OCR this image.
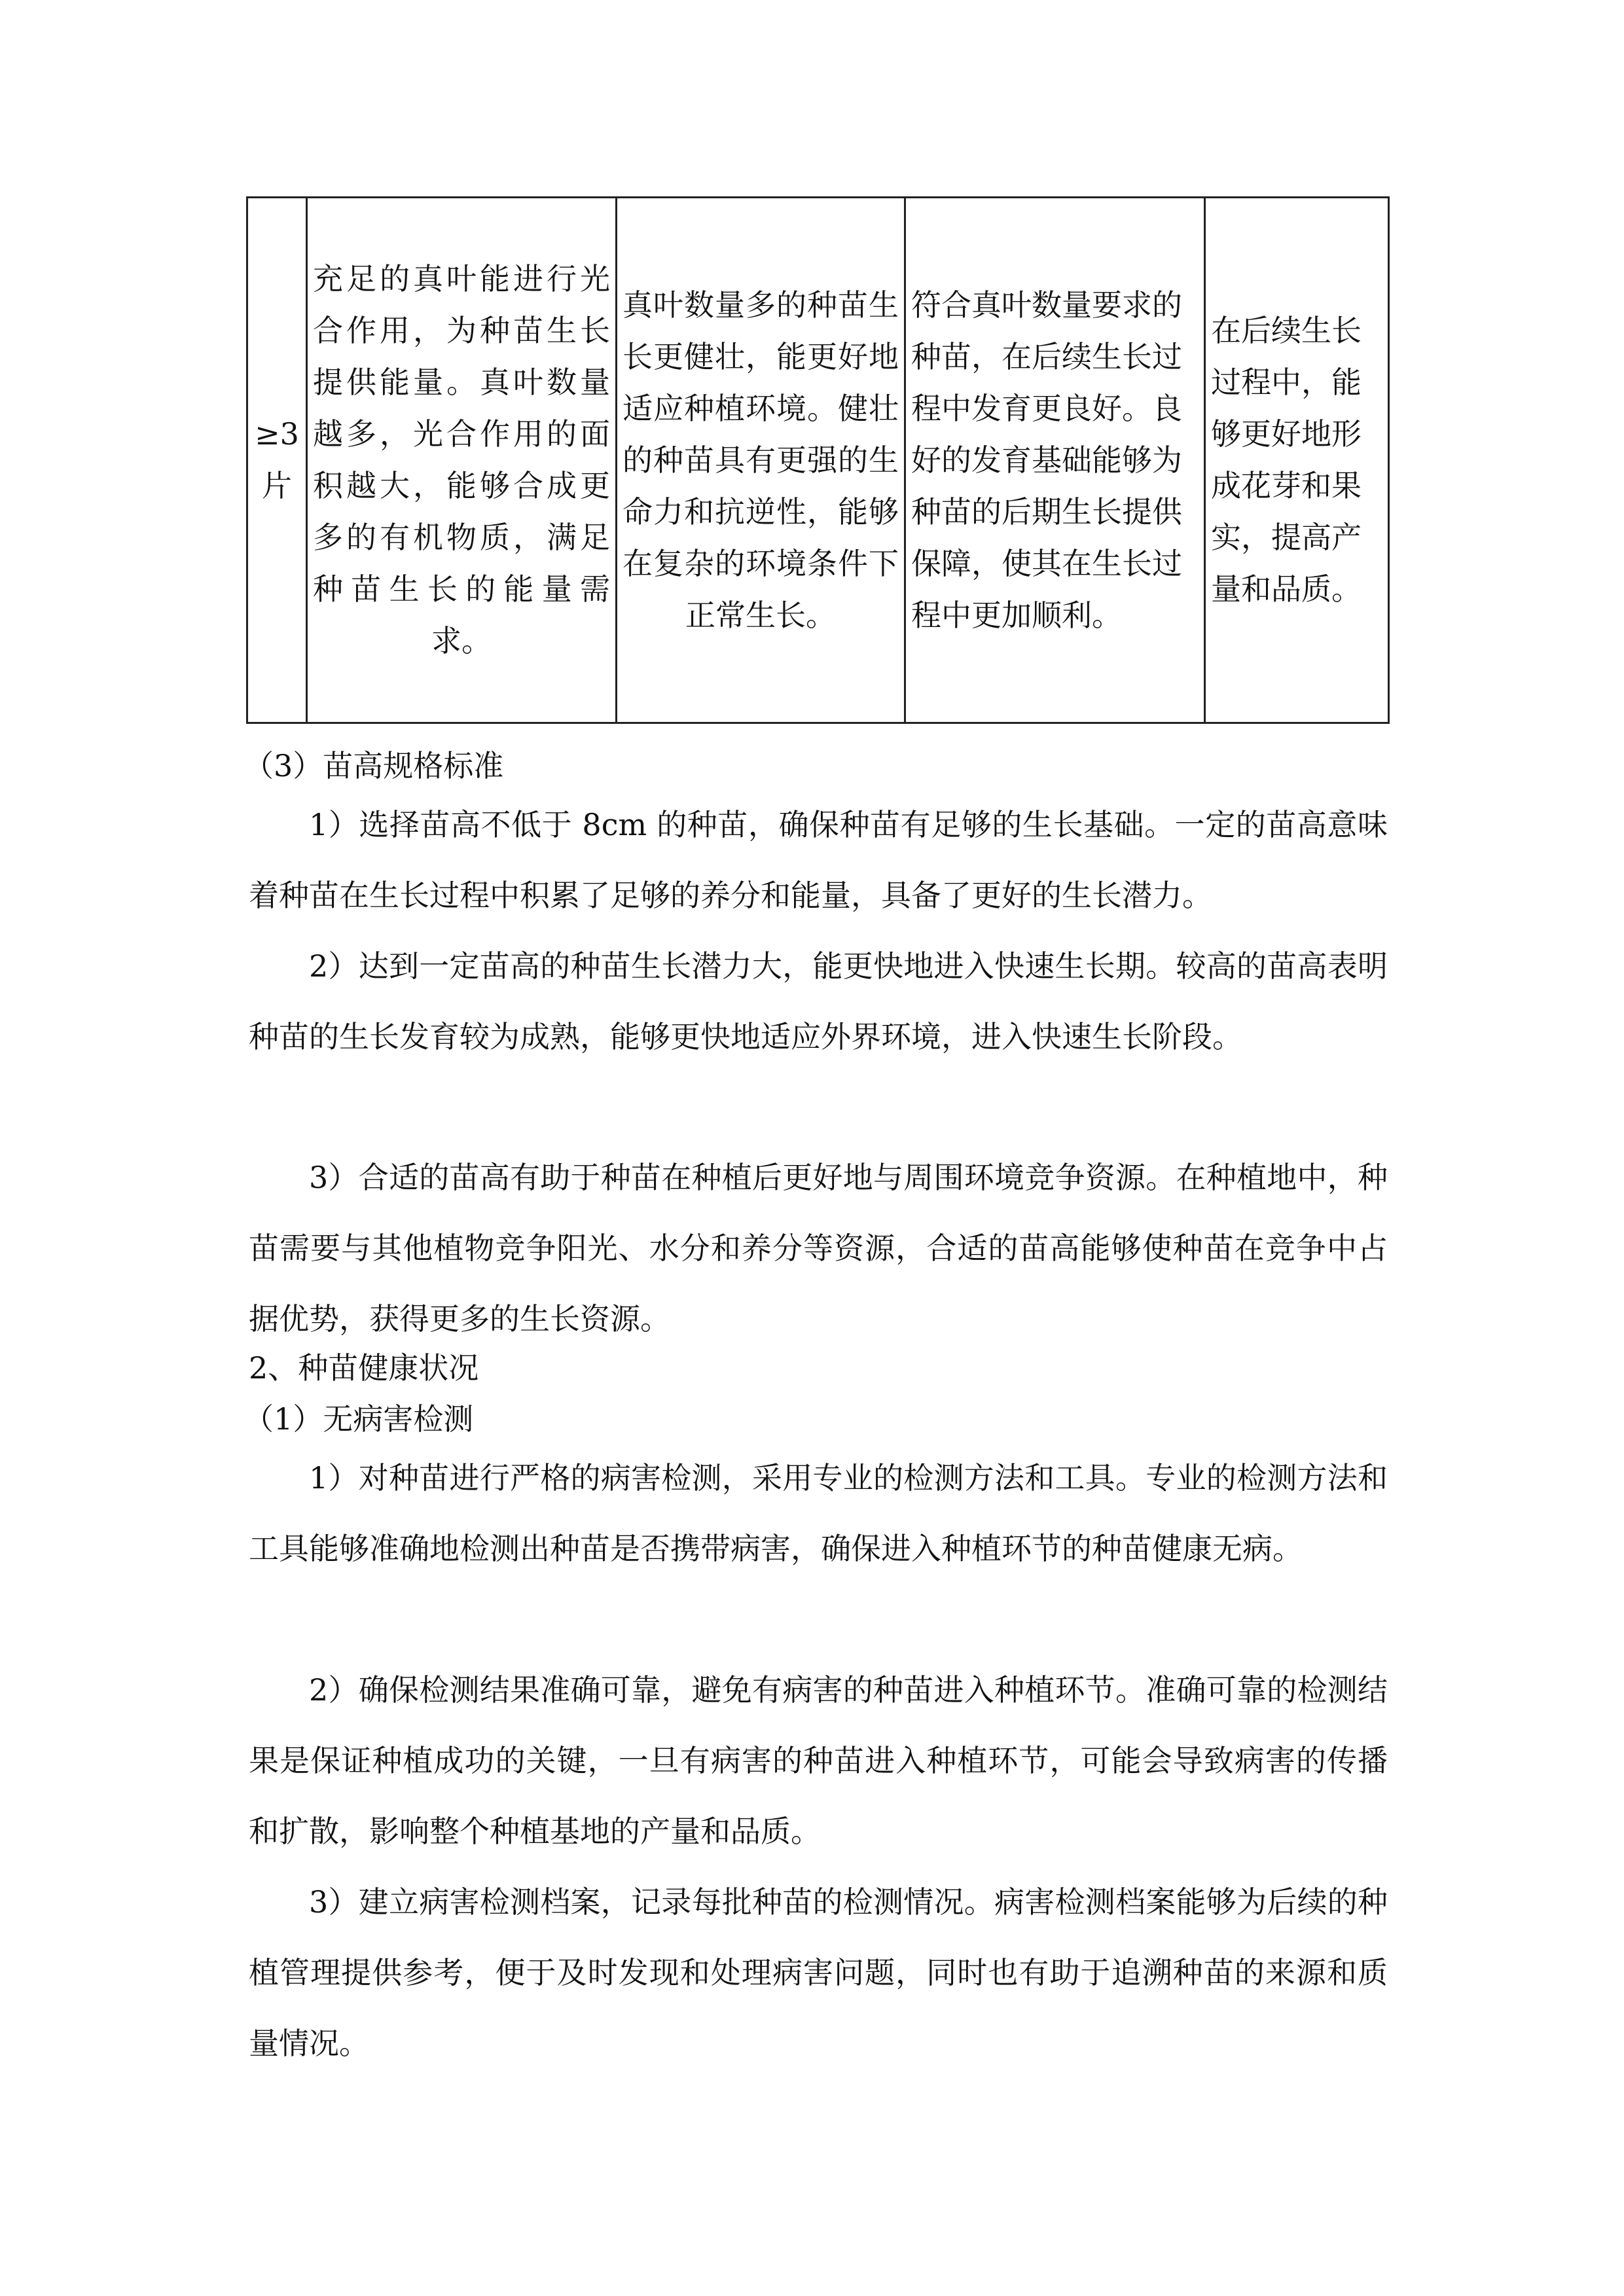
≥3片	充足的真叶能进行光合作用，为种苗生长提供能量。真叶数量越多，光合作用的面积越大，能够合成更多的有机物质，满足种苗生长的能量需求。	真叶数量多的种苗生长更健壮，能更好地适应种植环境。健壮的种苗具有更强的生命力和抗逆性，能够在复杂的环境条件下正常生长。	符合真叶数量要求的种苗，在后续生长过程中发育更良好。良好的发育基础能够为种苗的后期生长提供保障，使其在生长过程中更加顺利。	在后续生长过程中，能够更好地形成花芽和果实，提高产量和品质。
（3）苗高规格标准
1）选择苗高不低于 8cm 的种苗，确保种苗有足够的生长基础。一定的苗高意味着种苗在生长过程中积累了足够的养分和能量，具备了更好的生长潜力。
2）达到一定苗高的种苗生长潜力大，能更快地进入快速生长期。较高的苗高表明种苗的生长发育较为成熟，能够更快地适应外界环境，进入快速生长阶段。
3）合适的苗高有助于种苗在种植后更好地与周围环境竞争资源。在种植地中，种苗需要与其他植物竞争阳光、水分和养分等资源，合适的苗高能够使种苗在竞争中占据优势，获得更多的生长资源。
2、种苗健康状况
（1）无病害检测
1）对种苗进行严格的病害检测，采用专业的检测方法和工具。专业的检测方法和工具能够准确地检测出种苗是否携带病害，确保进入种植环节的种苗健康无病。
2）确保检测结果准确可靠，避免有病害的种苗进入种植环节。准确可靠的检测结果是保证种植成功的关键，一旦有病害的种苗进入种植环节，可能会导致病害的传播和扩散，影响整个种植基地的产量和品质。
3）建立病害检测档案，记录每批种苗的检测情况。病害检测档案能够为后续的种植管理提供参考，便于及时发现和处理病害问题，同时也有助于追溯种苗的来源和质量情况。
